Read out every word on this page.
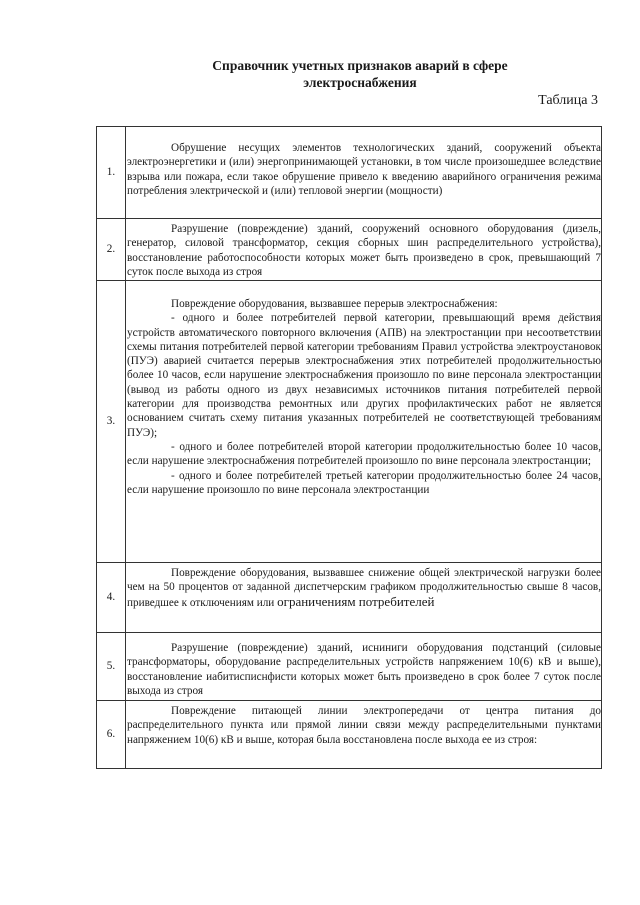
Справочник учетных признаков аварий в сфере
электроснабжения
Таблица 3
1.	Обрушение несущих элементов технологических зданий, сооружений объекта электроэнергетики и (или) энергопринимающей установки, в том числе произошедшее вследствие взрыва или пожара, если такое обрушение привело к введению аварийного ограничения режима потребления электрической и (или) тепловой энергии (мощности)

2.	Разрушение (повреждение) зданий, сооружений основного оборудования (дизель, генератор, силовой трансформатор, секция сборных шин распределительного устройства), восстановление работоспособности которых может быть произведено в срок, превышающий 7 суток после выхода из строя

3.	Повреждение оборудования, вызвавшее перерыв электроснабжения:

- одного и более потребителей первой категории, превышающий время действия устройств автоматического повторного включения (АПВ) на электростанции при несоответствии схемы питания потребителей первой категории требованиям Правил устройства электроустановок (ПУЭ) аварией считается перерыв электроснабжения этих потребителей продолжительностью более 10 часов, если нарушение электроснабжения произошло по вине персонала электростанции (вывод из работы одного из двух независимых источников питания потребителей первой категории для производства ремонтных или других профилактических работ не является основанием считать схему питания указанных потребителей не соответствующей требованиям ПУЭ);

- одного и более потребителей второй категории продолжительностью более 10 часов, если нарушение электроснабжения потребителей произошло по вине персонала электростанции;

- одного и более потребителей третьей категории продолжительностью более 24 часов, если нарушение произошло по вине персонала электростанции

4.	Повреждение оборудования, вызвавшее снижение общей электрической нагрузки более чем на 50 процентов от заданной диспетчерским графиком продолжительностью свыше 8 часов, приведшее к отключениям или ограничениям потребителей

5.	Разрушение (повреждение) зданий, исниниги оборудования подстанций (силовые трансформаторы, оборудование распределительных устройств напряжением 10(6) кВ и выше), восстановление иабитисписнфисти которых может быть произведено в срок более 7 суток после выхода из строя

6.	Повреждение питающей линии электропередачи от центра питания до распределительного пункта или прямой линии связи между распределительными пунктами напряжением 10(6) кВ и выше, которая была восстановлена после выхода ее из строя:
